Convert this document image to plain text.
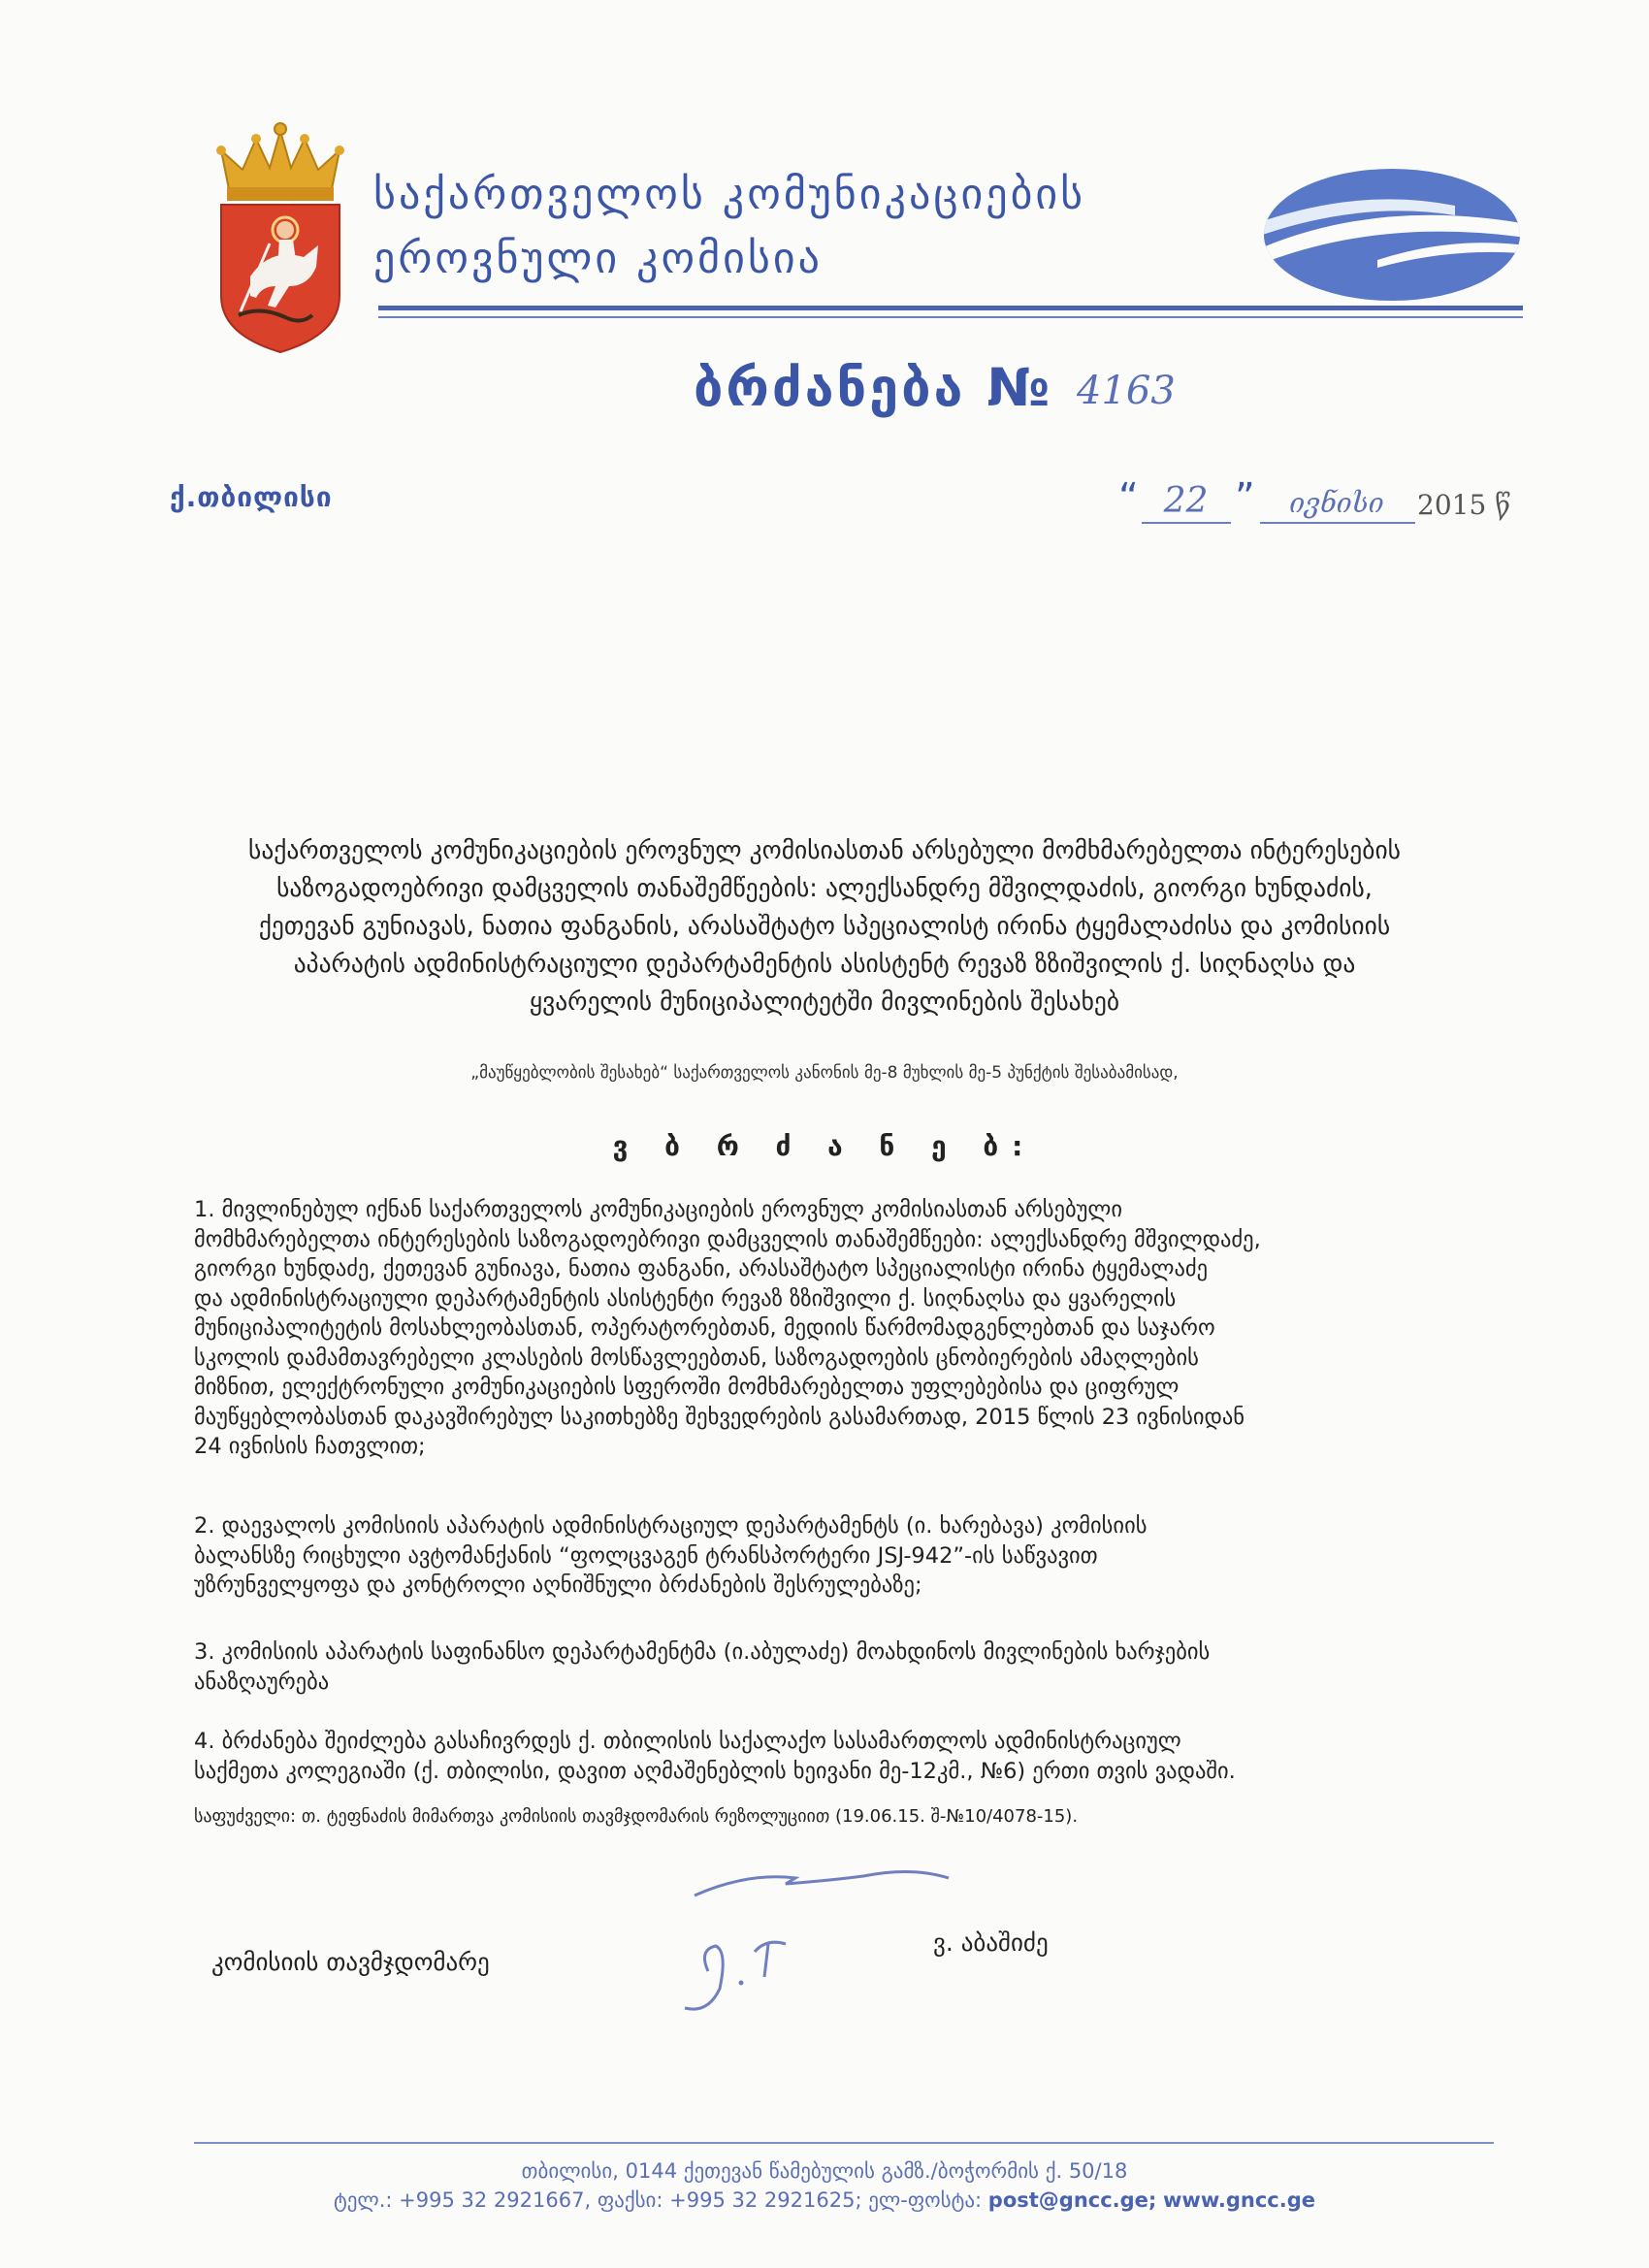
საქართველოს კომუნიკაციების
ეროვნული კომისია
ბრძანება № 4163
ქ.თბილისი	“ 22 ”	ივნისი	2015 წ
საქართველოს კომუნიკაციების ეროვნულ კომისიასთან არსებული მომხმარებელთა ინტერესების
საზოგადოებრივი დამცველის თანაშემწეების: ალექსანდრე მშვილდაძის, გიორგი ხუნდაძის,
ქეთევან გუნიავას, ნათია ფანგანის, არასაშტატო სპეციალისტ ირინა ტყემალაძისა და კომისიის
აპარატის ადმინისტრაციული დეპარტამენტის ასისტენტ რევაზ ზზიშვილის ქ. სიღნაღსა და
ყვარელის მუნიციპალიტეტში მივლინების შესახებ
„მაუწყებლობის შესახებ“ საქართველოს კანონის მე-8 მუხლის მე-5 პუნქტის შესაბამისად,
ვ ბ რ ძ ა ნ ე ბ:
1. მივლინებულ იქნან საქართველოს კომუნიკაციების ეროვნულ კომისიასთან არსებული
მომხმარებელთა ინტერესების საზოგადოებრივი დამცველის თანაშემწეები: ალექსანდრე მშვილდაძე,
გიორგი ხუნდაძე, ქეთევან გუნიავა, ნათია ფანგანი, არასაშტატო სპეციალისტი ირინა ტყემალაძე
და ადმინისტრაციული დეპარტამენტის ასისტენტი რევაზ ზზიშვილი ქ. სიღნაღსა და ყვარელის
მუნიციპალიტეტის მოსახლეობასთან, ოპერატორებთან, მედიის წარმომადგენლებთან და საჯარო
სკოლის დამამთავრებელი კლასების მოსწავლეებთან, საზოგადოების ცნობიერების ამაღლების
მიზნით, ელექტრონული კომუნიკაციების სფეროში მომხმარებელთა უფლებებისა და ციფრულ
მაუწყებლობასთან დაკავშირებულ საკითხებზე შეხვედრების გასამართად, 2015 წლის 23 ივნისიდან
24 ივნისის ჩათვლით;
2. დაევალოს კომისიის აპარატის ადმინისტრაციულ დეპარტამენტს (ი. ხარებავა) კომისიის
ბალანსზე რიცხული ავტომანქანის “ფოლცვაგენ ტრანსპორტერი JSJ-942”-ის საწვავით
უზრუნველყოფა და კონტროლი აღნიშნული ბრძანების შესრულებაზე;
3. კომისიის აპარატის საფინანსო დეპარტამენტმა (ი.აბულაძე) მოახდინოს მივლინების ხარჯების
ანაზღაურება
4. ბრძანება შეიძლება გასაჩივრდეს ქ. თბილისის საქალაქო სასამართლოს ადმინისტრაციულ
საქმეთა კოლეგიაში (ქ. თბილისი, დავით აღმაშენებლის ხეივანი მე-12კმ., №6) ერთი თვის ვადაში.
საფუძველი: თ. ტეფნაძის მიმართვა კომისიის თავმჯდომარის რეზოლუციით (19.06.15. შ-№10/4078-15).
კომისიის თავმჯდომარე
ვ. აბაშიძე
თბილისი, 0144 ქეთევან წამებულის გამზ./ბოჭორმის ქ. 50/18
ტელ.: +995 32 2921667, ფაქსი: +995 32 2921625; ელ-ფოსტა: post@gncc.ge; www.gncc.ge
